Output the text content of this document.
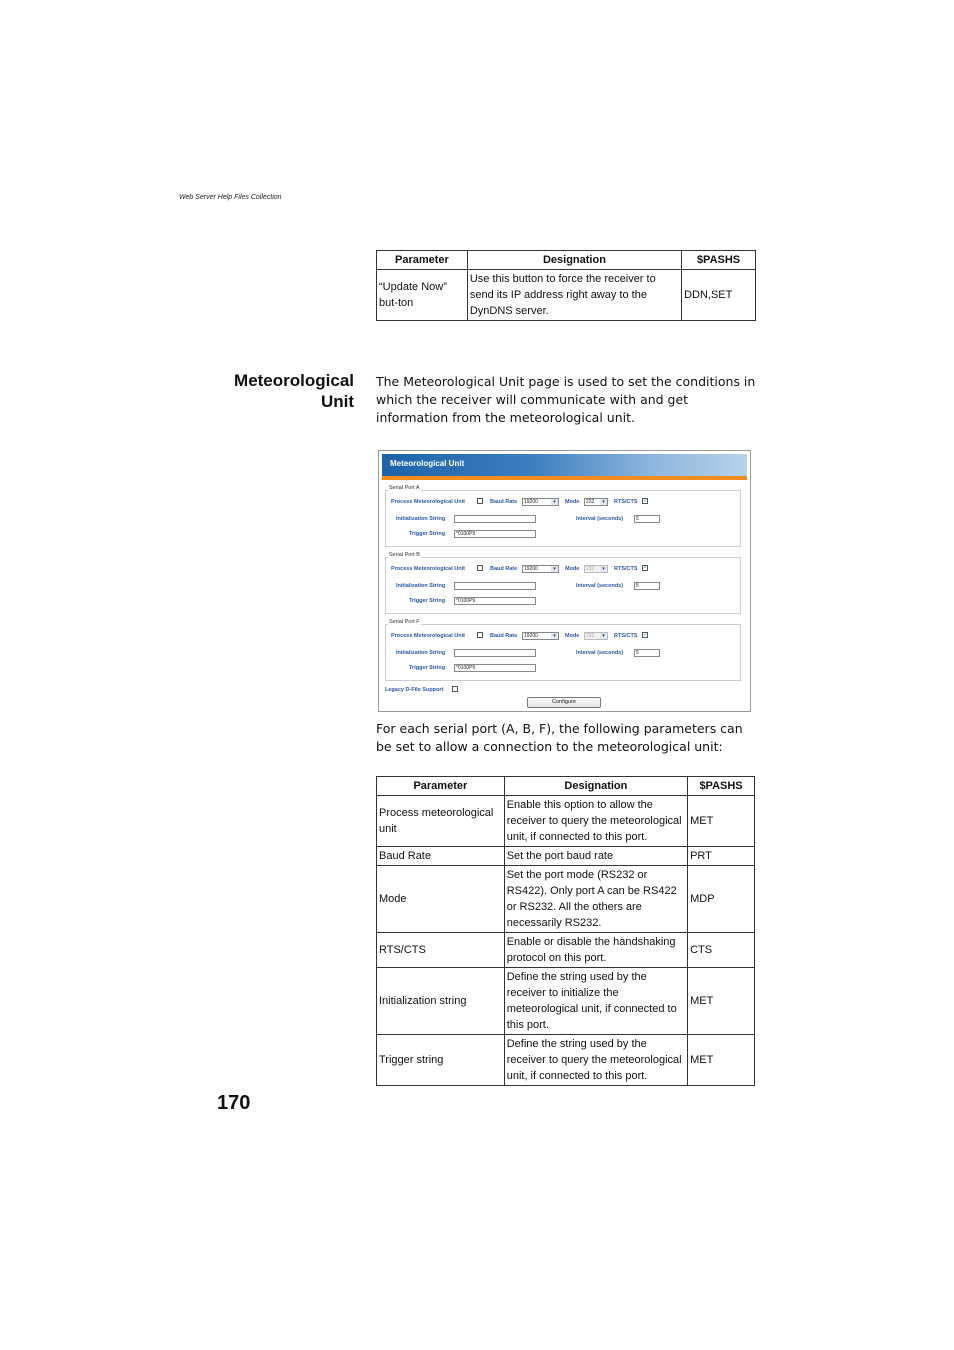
Web Server Help Files Collection
Parameter	Designation	$PASHS
“Update Now” but-ton	Use this button to force the receiver to send its IP address right away to the DynDNS server.	DDN,SET
Meteorological
Unit
The Meteorological Unit page is used to set the conditions in which the receiver will communicate with and get information from the meteorological unit.
Meteorological Unit
Serial Port A
Process Meteorological Unit	Baud Rate	19200	▾	Mode	232	▾	RTS/CTS ✓
Initialization String	Interval (seconds)	5
Trigger String	*0100P9
Serial Port B
Process Meteorological Unit	Baud Rate	19200	▾	Mode	232	▾	RTS/CTS ✓
Initialization String	Interval (seconds)	5
Trigger String	*0100P9
Serial Port F
Process Meteorological Unit	Baud Rate	19200	▾	Mode	232	▾	RTS/CTS ✓
Initialization String	Interval (seconds)	5
Trigger String	*0100P9
Legacy D-File Support
Configure
For each serial port (A, B, F), the following parameters can be set to allow a connection to the meteorological unit:
Parameter	Designation	$PASHS
Process meteorological unit	Enable this option to allow the receiver to query the meteorological unit, if connected to this port.	MET
Baud Rate	Set the port baud rate	PRT
Mode	Set the port mode (RS232 or RS422). Only port A can be RS422 or RS232. All the others are necessarily RS232.	MDP
RTS/CTS	Enable or disable the handshaking protocol on this port.	CTS
Initialization string	Define the string used by the receiver to initialize the meteorological unit, if connected to this port.	MET
Trigger string	Define the string used by the receiver to query the meteorological unit, if connected to this port.	MET
170
